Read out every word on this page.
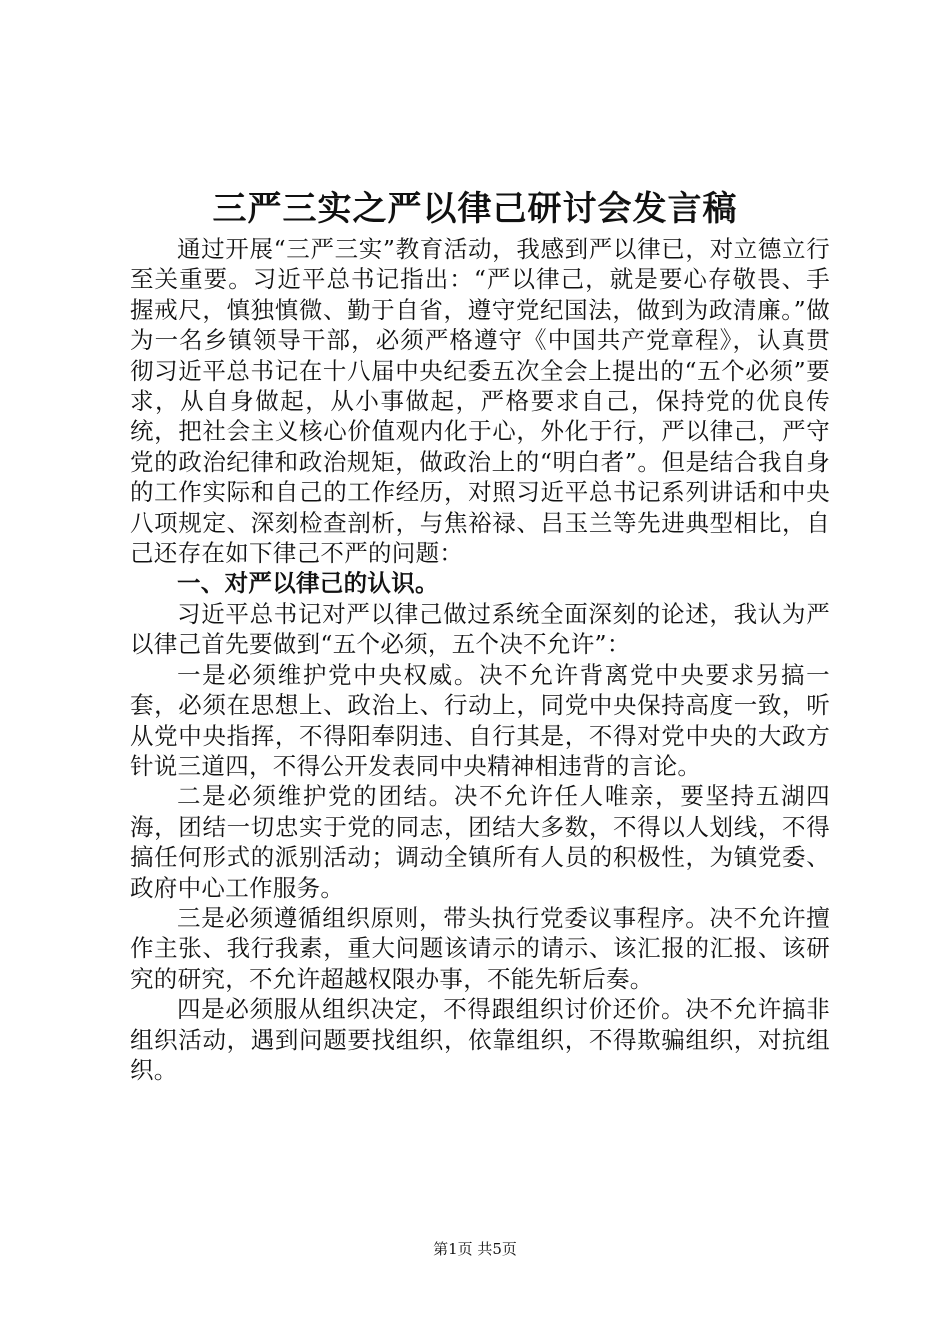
三严三实之严以律己研讨会发言稿

通过开展“三严三实”教育活动，我感到严以律已，对立德立行至关重要。习近平总书记指出：“严以律己，就是要心存敬畏、手握戒尺，慎独慎微、勤于自省，遵守党纪国法，做到为政清廉。”做为一名乡镇领导干部，必须严格遵守《中国共产党章程》，认真贯彻习近平总书记在十八届中央纪委五次全会上提出的“五个必须”要求，从自身做起，从小事做起，严格要求自己，保持党的优良传统，把社会主义核心价值观内化于心，外化于行，严以律己，严守党的政治纪律和政治规矩，做政治上的“明白者”。但是结合我自身的工作实际和自己的工作经历，对照习近平总书记系列讲话和中央八项规定、深刻检查剖析，与焦裕禄、吕玉兰等先进典型相比，自己还存在如下律己不严的问题：

一、对严以律己的认识。

习近平总书记对严以律己做过系统全面深刻的论述，我认为严以律己首先要做到“五个必须，五个决不允许”：

一是必须维护党中央权威。决不允许背离党中央要求另搞一套，必须在思想上、政治上、行动上，同党中央保持高度一致，听从党中央指挥，不得阳奉阴违、自行其是，不得对党中央的大政方针说三道四，不得公开发表同中央精神相违背的言论。

二是必须维护党的团结。决不允许任人唯亲，要坚持五湖四海，团结一切忠实于党的同志，团结大多数，不得以人划线，不得搞任何形式的派别活动；调动全镇所有人员的积极性，为镇党委、政府中心工作服务。

三是必须遵循组织原则，带头执行党委议事程序。决不允许擅作主张、我行我素，重大问题该请示的请示、该汇报的汇报、该研究的研究，不允许超越权限办事，不能先斩后奏。

四是必须服从组织决定，不得跟组织讨价还价。决不允许搞非组织活动，遇到问题要找组织，依靠组织，不得欺骗组织，对抗组织。

第1页 共5页
